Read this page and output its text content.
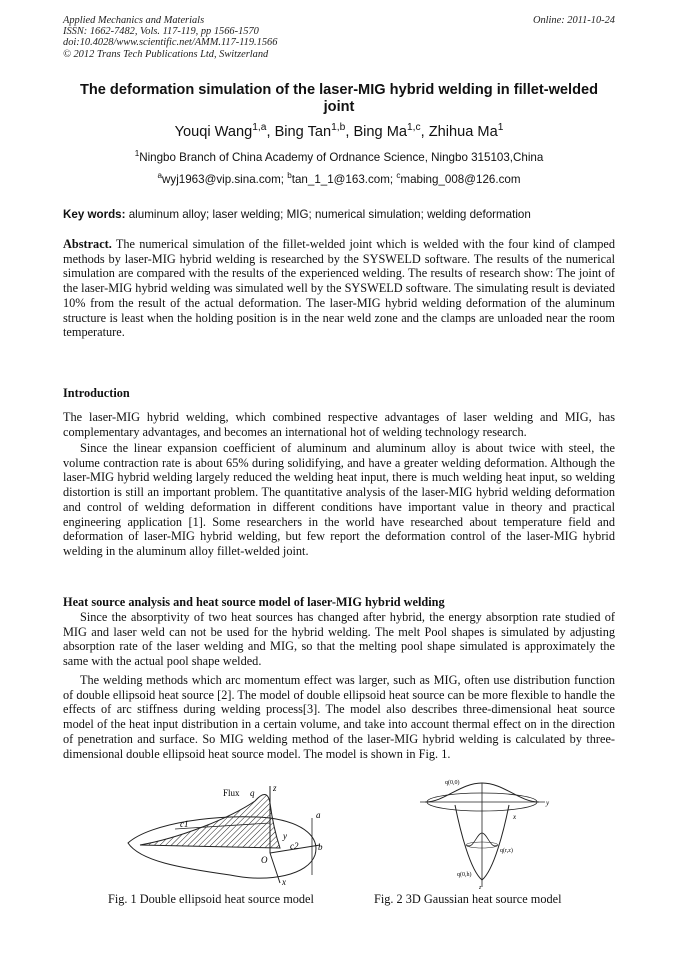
Applied Mechanics and Materials
ISSN: 1662-7482, Vols. 117-119, pp 1566-1570
doi:10.4028/www.scientific.net/AMM.117-119.1566
© 2012 Trans Tech Publications Ltd, Switzerland
Online: 2011-10-24
The deformation simulation of the laser-MIG hybrid welding in fillet-welded joint
Youqi Wang$^{1,a}$, Bing Tan$^{1,b}$, Bing Ma$^{1,c}$, Zhihua Ma$^1$
$^1$Ningbo Branch of China Academy of Ordnance Science, Ningbo 315103,China
$^a$wyj1963@vip.sina.com; $^b$tan_1_1@163.com; $^c$mabing_008@126.com
Key words: aluminum alloy; laser welding; MIG; numerical simulation; welding deformation
Abstract. The numerical simulation of the fillet-welded joint which is welded with the four kind of clamped methods by laser-MIG hybrid welding is researched by the SYSWELD software. The results of the numerical simulation are compared with the results of the experienced welding. The results of research show: The joint of the laser-MIG hybrid welding was simulated well by the SYSWELD software. The simulating result is deviated 10% from the result of the actual deformation. The laser-MIG hybrid welding deformation of the aluminum structure is least when the holding position is in the near weld zone and the clamps are unloaded near the room temperature.
Introduction
The laser-MIG hybrid welding, which combined respective advantages of laser welding and MIG, has complementary advantages, and becomes an international hot of welding technology research.
Since the linear expansion coefficient of aluminum and aluminum alloy is about twice with steel, the volume contraction rate is about 65% during solidifying, and have a greater welding deformation. Although the laser-MIG hybrid welding largely reduced the welding heat input, there is much welding heat input, so welding distortion is still an important problem. The quantitative analysis of the laser-MIG hybrid welding deformation and control of welding deformation in different conditions have important value in theory and practical engineering application [1]. Some researchers in the world have researched about temperature field and deformation of laser-MIG hybrid welding, but few report the deformation control of the laser-MIG hybrid welding in the aluminum alloy fillet-welded joint.
Heat source analysis and heat source model of laser-MIG hybrid welding
Since the absorptivity of two heat sources has changed after hybrid, the energy absorption rate studied of MIG and laser weld can not be used for the hybrid welding. The melt Pool shapes is simulated by adjusting absorption rate of the laser welding and MIG, so that the melting pool shape simulated is approximately the same with the actual pool shape welded.
The welding methods which arc momentum effect was larger, such as MIG, often use distribution function of double ellipsoid heat source [2]. The model of double ellipsoid heat source can be more flexible to handle the effects of arc stiffness during welding process[3]. The model also describes three-dimensional heat source model of the heat input distribution in a certain volume, and take into account thermal effect on in the direction of penetration and surface. So MIG welding method of the laser-MIG hybrid welding is calculated by three-dimensional double ellipsoid heat source model. The model is shown in Fig. 1.
Flux q z
a
c1
c2 b
O
y
x
q(0,0)
y
x
q(r,z)
q(0,h)
z
Fig. 1 Double ellipsoid heat source model	Fig. 2 3D Gaussian heat source model
